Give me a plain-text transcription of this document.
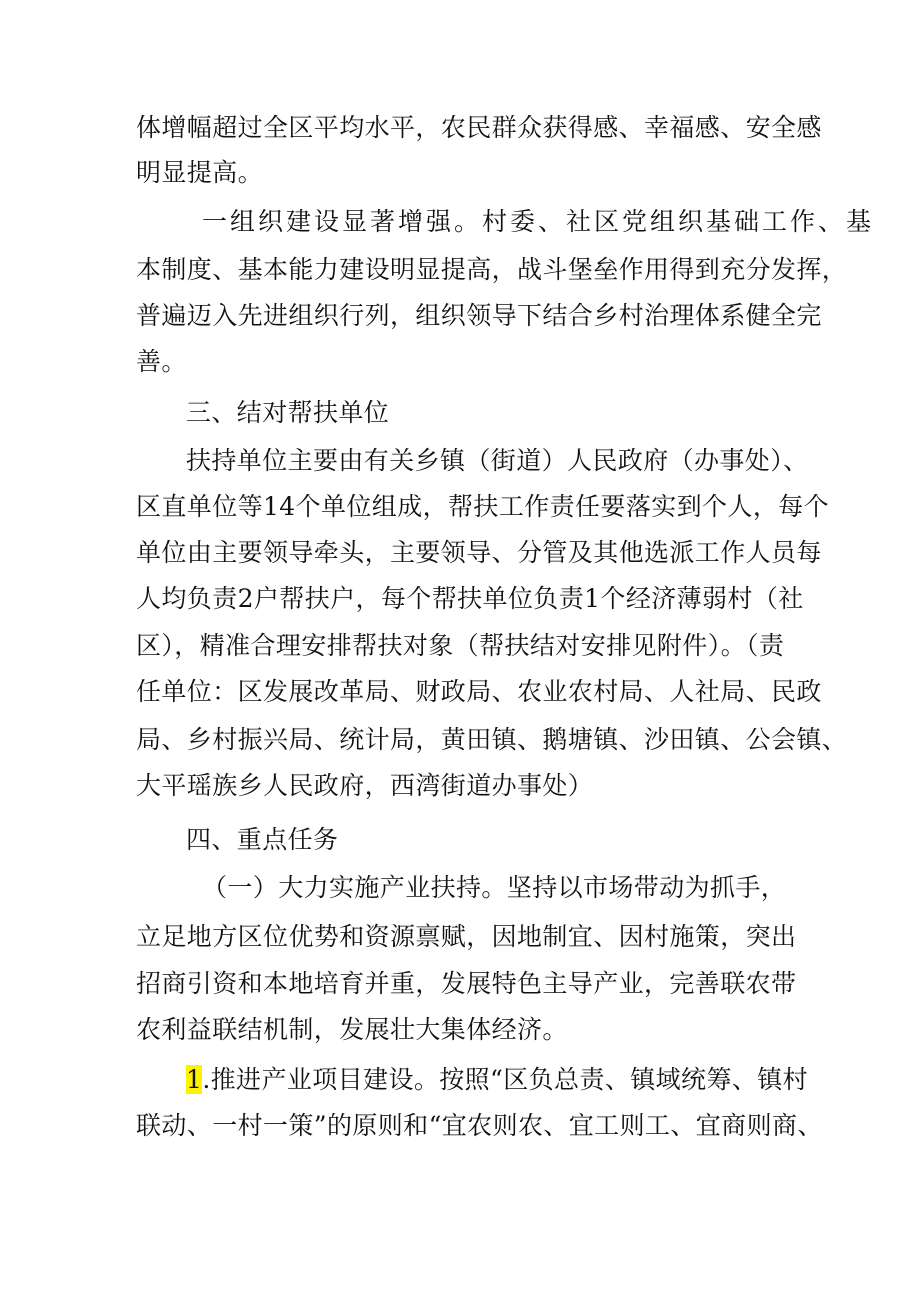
体增幅超过全区平均水平，农民群众获得感、幸福感、安全感
明显提高。
一组织建设显著增强。村委、社区党组织基础工作、基
本制度、基本能力建设明显提高，战斗堡垒作用得到充分发挥，
普遍迈入先进组织行列，组织领导下结合乡村治理体系健全完
善。
三、结对帮扶单位
扶持单位主要由有关乡镇（街道）人民政府（办事处）、
区直单位等14个单位组成，帮扶工作责任要落实到个人，每个
单位由主要领导牵头，主要领导、分管及其他选派工作人员每
人均负责2户帮扶户，每个帮扶单位负责1个经济薄弱村（社
区），精准合理安排帮扶对象（帮扶结对安排见附件）。（责
任单位：区发展改革局、财政局、农业农村局、人社局、民政
局、乡村振兴局、统计局，黄田镇、鹅塘镇、沙田镇、公会镇、
大平瑶族乡人民政府，西湾街道办事处）
四、重点任务
（一）大力实施产业扶持。坚持以市场带动为抓手，
立足地方区位优势和资源禀赋，因地制宜、因村施策，突出
招商引资和本地培育并重，发展特色主导产业，完善联农带
农利益联结机制，发展壮大集体经济。
1.推进产业项目建设。按照“区负总责、镇域统筹、镇村
联动、一村一策”的原则和“宜农则农、宜工则工、宜商则商、
